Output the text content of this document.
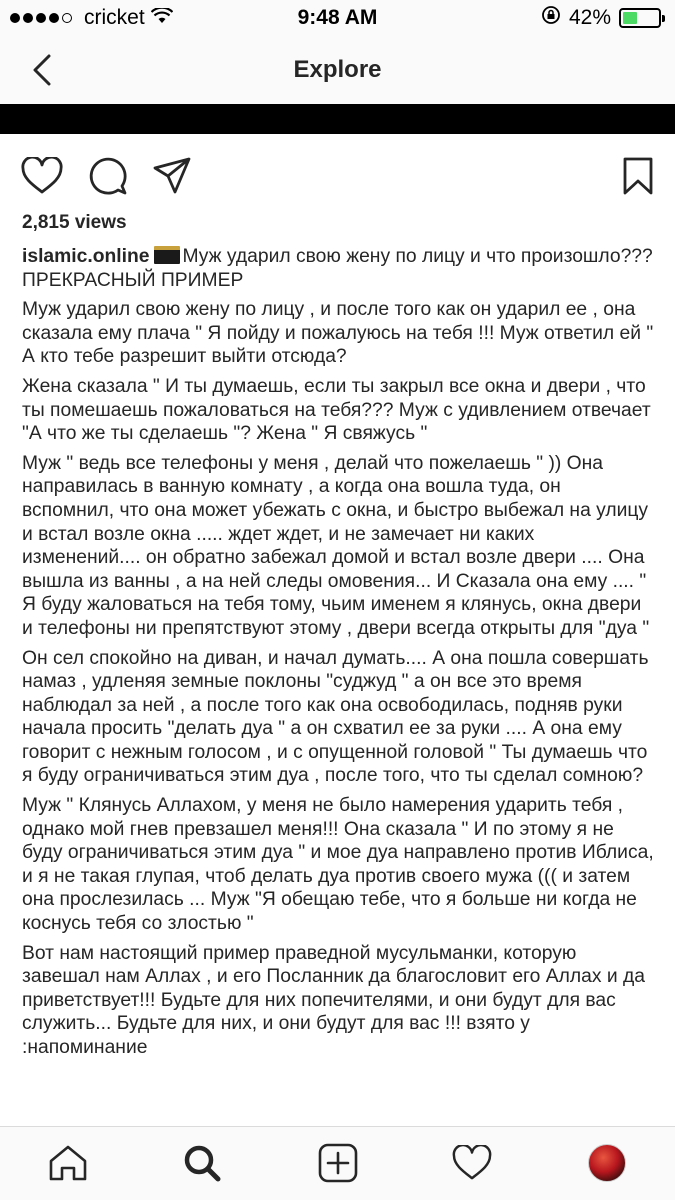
cricket	9:48 AM	42%
Explore
2,815 views

islamic.online Муж ударил свою жену по лицу и что произошло??? ПРЕКРАСНЫЙ ПРИМЕР

Муж ударил свою жену по лицу , и после того как он ударил ее , она сказала ему плача " Я пойду и пожалуюсь на тебя !!! Муж ответил ей " А кто тебе разрешит выйти отсюда?

Жена сказала " И ты думаешь, если ты закрыл все окна и двери , что ты помешаешь пожаловаться на тебя??? Муж с удивлением отвечает "А что же ты сделаешь "? Жена " Я свяжусь "

Муж " ведь все телефоны у меня , делай что пожелаешь " )) Она направилась в ванную комнату , а когда она вошла туда, он вспомнил, что она может убежать с окна, и быстро выбежал на улицу и встал возле окна ..... ждет ждет, и не замечает ни каких изменений.... он обратно забежал домой и встал возле двери .... Она вышла из ванны , а на ней следы омовения... И Сказала она ему .... " Я буду жаловаться на тебя тому, чьим именем я клянусь, окна двери и телефоны ни препятствуют этому , двери всегда открыты для "дуа "

Он сел спокойно на диван, и начал думать.... А она пошла совершать намаз , удленяя земные поклоны "суджуд " а он все это время наблюдал за ней , а после того как она освободилась, подняв руки начала просить "делать дуа " а он схватил ее за руки .... А она ему говорит с нежным голосом , и с опущенной головой " Ты думаешь что я буду ограничиваться этим дуа , после того, что ты сделал сомною?

Муж " Клянусь Аллахом, у меня не было намерения ударить тебя , однако мой гнев превзашел меня!!! Она сказала " И по этому я не буду ограничиваться этим дуа " и мое дуа направлено против Иблиса, и я не такая глупая, чтоб делать дуа против своего мужа ((( и затем она прослезилась ... Муж "Я обещаю тебе, что я больше ни когда не коснусь тебя со злостью "

Вот нам настоящий пример праведной мусульманки, которую завешал нам Аллах , и его Посланник да благословит его Аллах и да приветствует!!! Будьте для них попечителями, и они будут для вас служить... Будьте для них, и они будут для вас !!! взято у :напоминание
